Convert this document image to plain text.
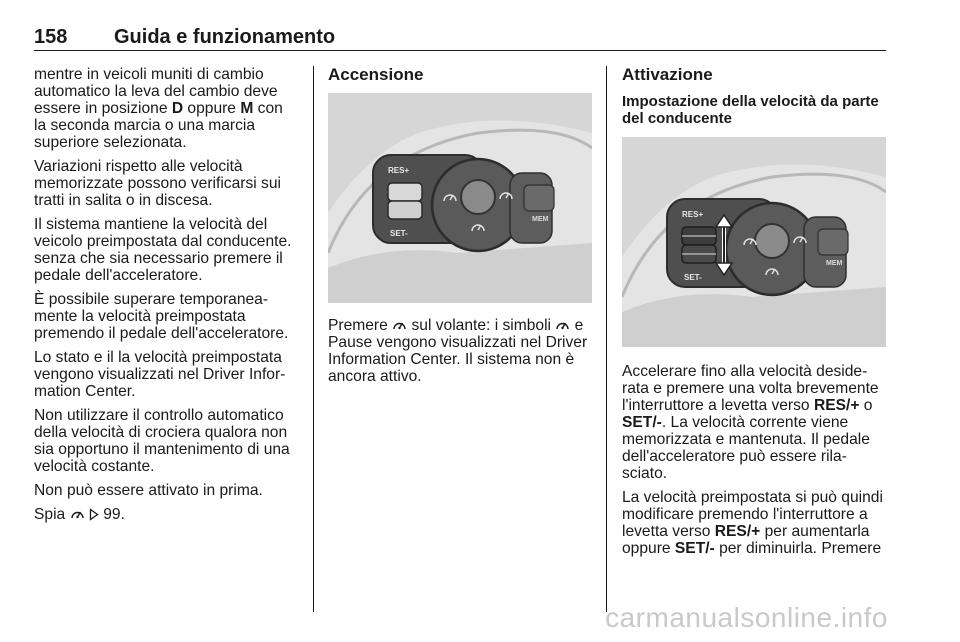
158 Guida e funzionamento
mentre in veicoli muniti di cambio
automatico la leva del cambio deve
essere in posizione D oppure M con
la seconda marcia o una marcia
superiore selezionata.
Variazioni rispetto alle velocità
memorizzate possono verificarsi sui
tratti in salita o in discesa.
Il sistema mantiene la velocità del
veicolo preimpostata dal conducente.
senza che sia necessario premere il
pedale dell'acceleratore.
È possibile superare temporanea-
mente la velocità preimpostata
premendo il pedale dell'acceleratore.
Lo stato e il la velocità preimpostata
vengono visualizzati nel Driver Infor-
mation Center.
Non utilizzare il controllo automatico
della velocità di crociera qualora non
sia opportuno il mantenimento di una
velocità costante.
Non può essere attivato in prima.
Spia   99.
Accensione
RES+
SET-
MEM
Premere  sul volante: i simboli  e
Pause vengono visualizzati nel Driver
Information Center. Il sistema non è
ancora attivo.
Attivazione
Impostazione della velocità da parte
del conducente
RES+
SET-
MEM
Accelerare fino alla velocità deside-
rata e premere una volta brevemente
l'interruttore a levetta verso RES/+ o
SET/-. La velocità corrente viene
memorizzata e mantenuta. Il pedale
dell'acceleratore può essere rila-
sciato.
La velocità preimpostata si può quindi
modificare premendo l'interruttore a
levetta verso RES/+ per aumentarla
oppure SET/- per diminuirla. Premere
carmanualsonline.info
